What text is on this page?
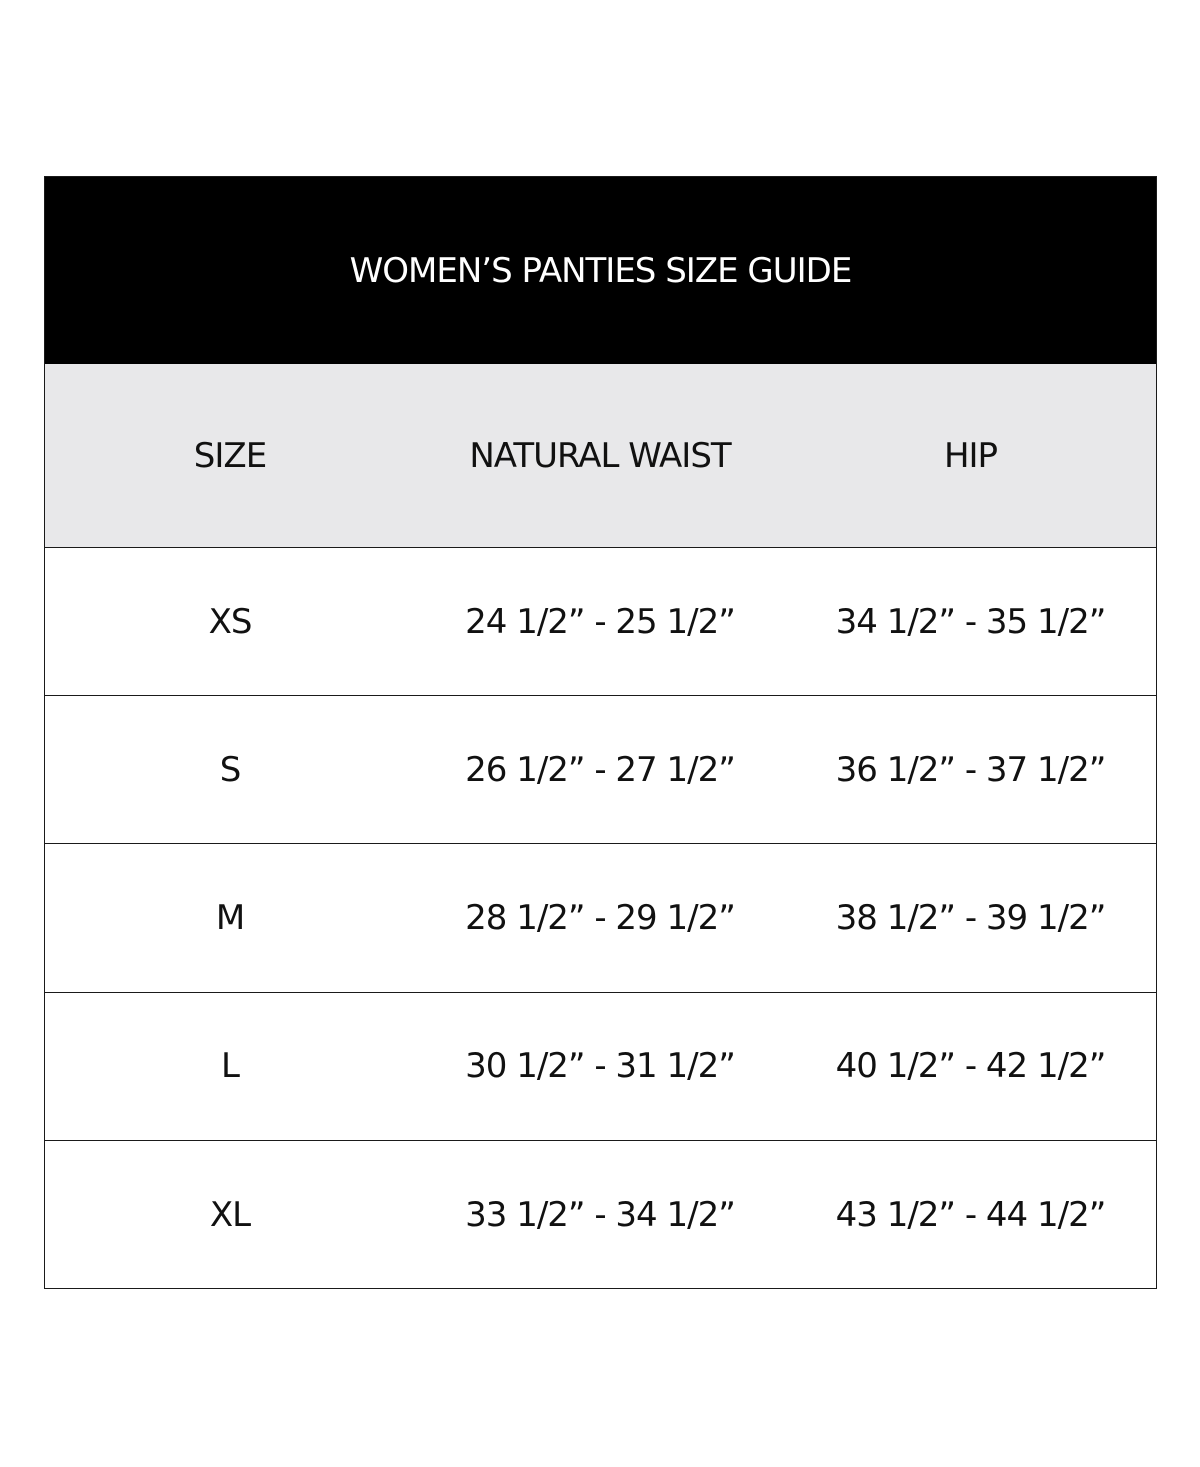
WOMEN’S PANTIES SIZE GUIDE
SIZE	NATURAL WAIST	HIP
XS	24 1/2” - 25 1/2”	34 1/2” - 35 1/2”
S	26 1/2” - 27 1/2”	36 1/2” - 37 1/2”
M	28 1/2” - 29 1/2”	38 1/2” - 39 1/2”
L	30 1/2” - 31 1/2”	40 1/2” - 42 1/2”
XL	33 1/2” - 34 1/2”	43 1/2” - 44 1/2”
